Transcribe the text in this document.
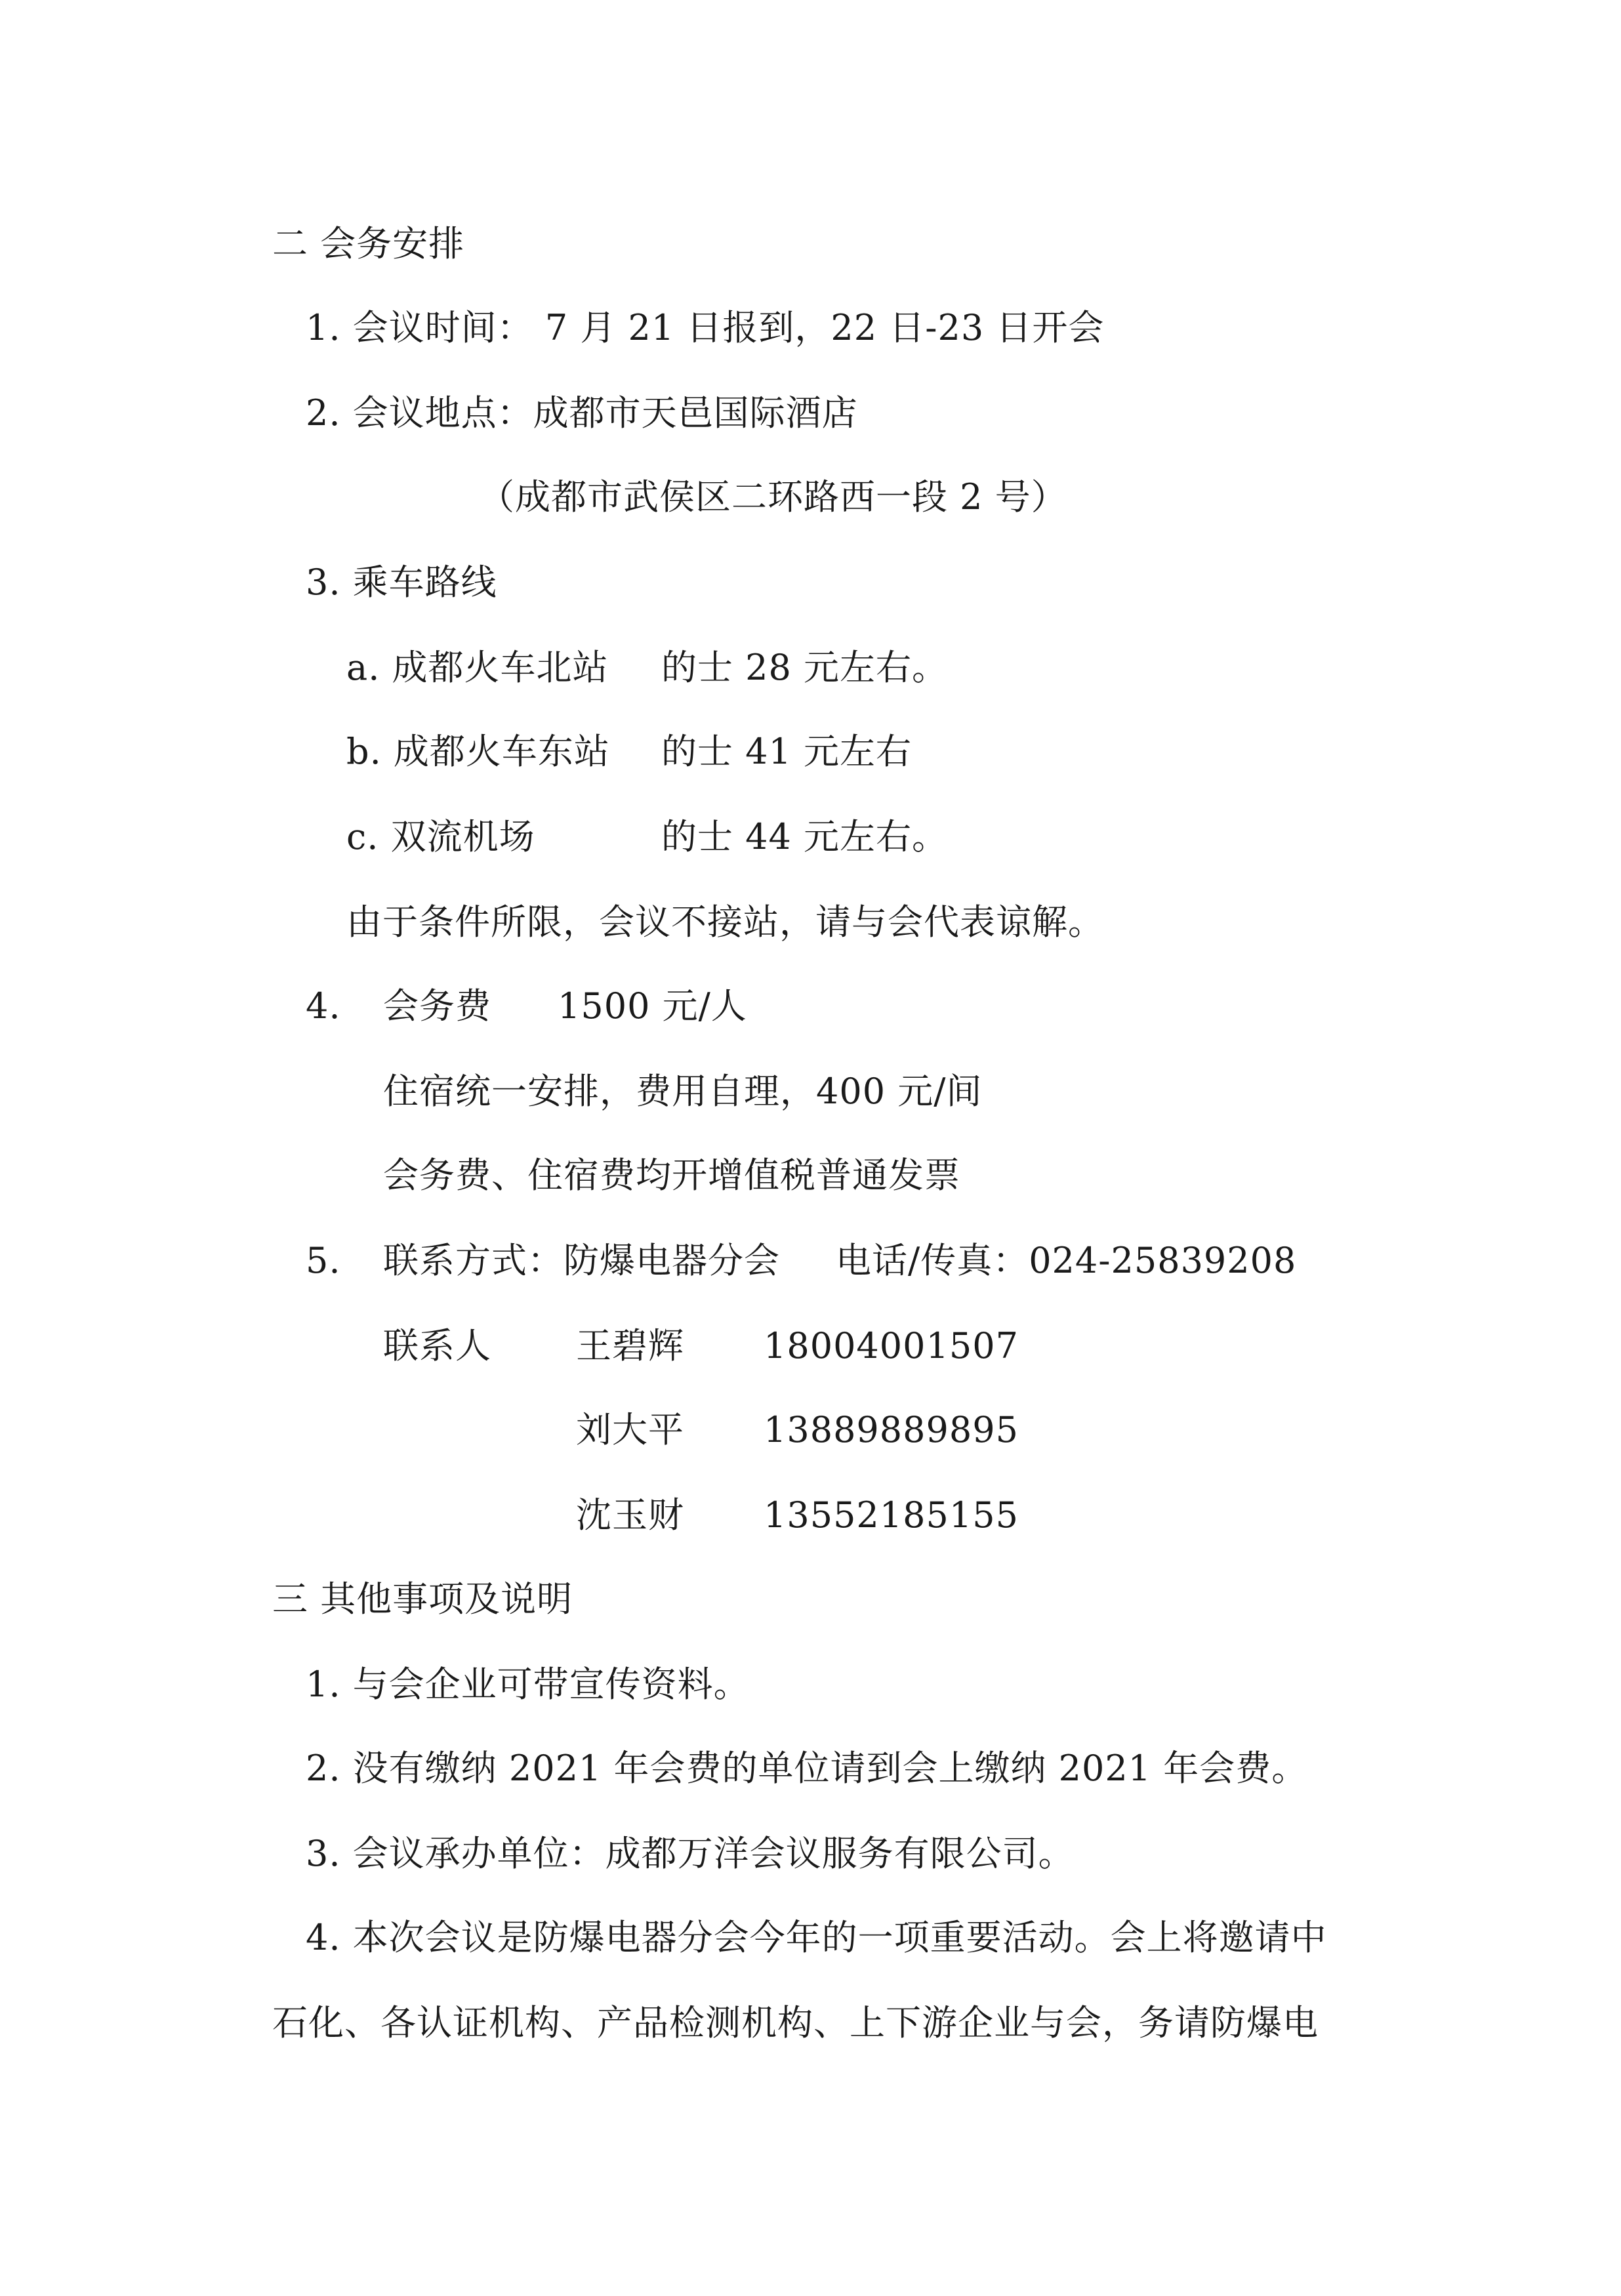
二 会务安排
1. 会议时间： 7 月 21 日报到，22 日-23 日开会
2. 会议地点：成都市天邑国际酒店
（成都市武侯区二环路西一段 2 号）
3. 乘车路线
a. 成都火车北站 的士 28 元左右。
b. 成都火车东站 的士 41 元左右
c. 双流机场	的士 44 元左右。
由于条件所限，会议不接站，请与会代表谅解。
4. 会务费 1500 元/人
住宿统一安排，费用自理，400 元/间
会务费、住宿费均开增值税普通发票
5. 联系方式：防爆电器分会 电话/传真：024-25839208
联系人 王碧辉 18004001507
刘大平 13889889895
沈玉财 13552185155
三 其他事项及说明
1. 与会企业可带宣传资料。
2. 没有缴纳 2021 年会费的单位请到会上缴纳 2021 年会费。
3. 会议承办单位：成都万洋会议服务有限公司。
4. 本次会议是防爆电器分会今年的一项重要活动。会上将邀请中
石化、各认证机构、产品检测机构、上下游企业与会，务请防爆电
